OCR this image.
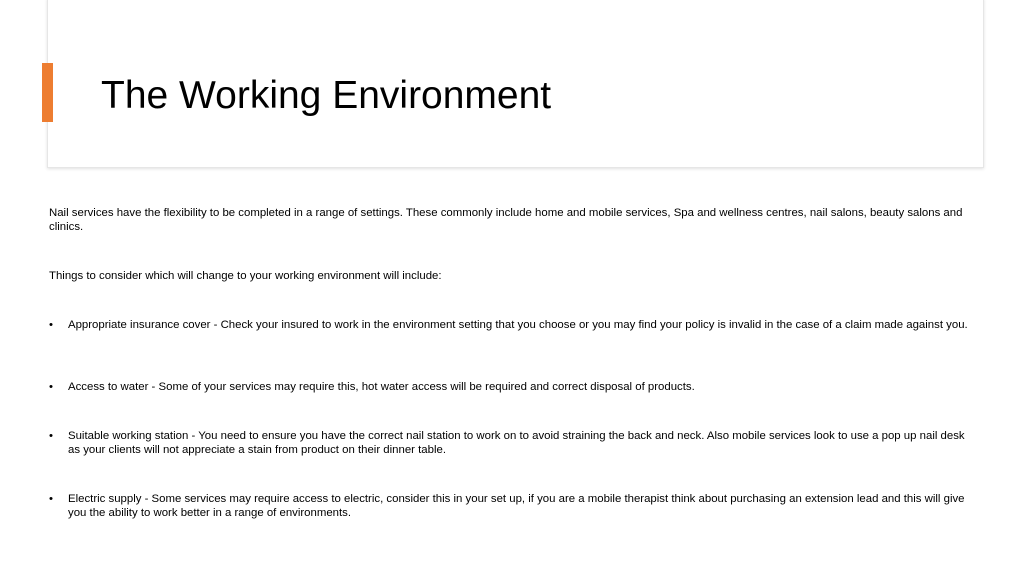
The Working Environment

Nail services have the flexibility to be completed in a range of settings. These commonly include home and mobile services, Spa and wellness centres, nail salons, beauty salons and clinics.

Things to consider which will change to your working environment will include:

• Appropriate insurance cover - Check your insured to work in the environment setting that you choose or you may find your policy is invalid in the case of a claim made against you.
• Access to water - Some of your services may require this, hot water access will be required and correct disposal of products.
• Suitable working station - You need to ensure you have the correct nail station to work on to avoid straining the back and neck. Also mobile services look to use a pop up nail desk as your clients will not appreciate a stain from product on their dinner table.
• Electric supply - Some services may require access to electric, consider this in your set up, if you are a mobile therapist think about purchasing an extension lead and this will give you the ability to work better in a range of environments.
